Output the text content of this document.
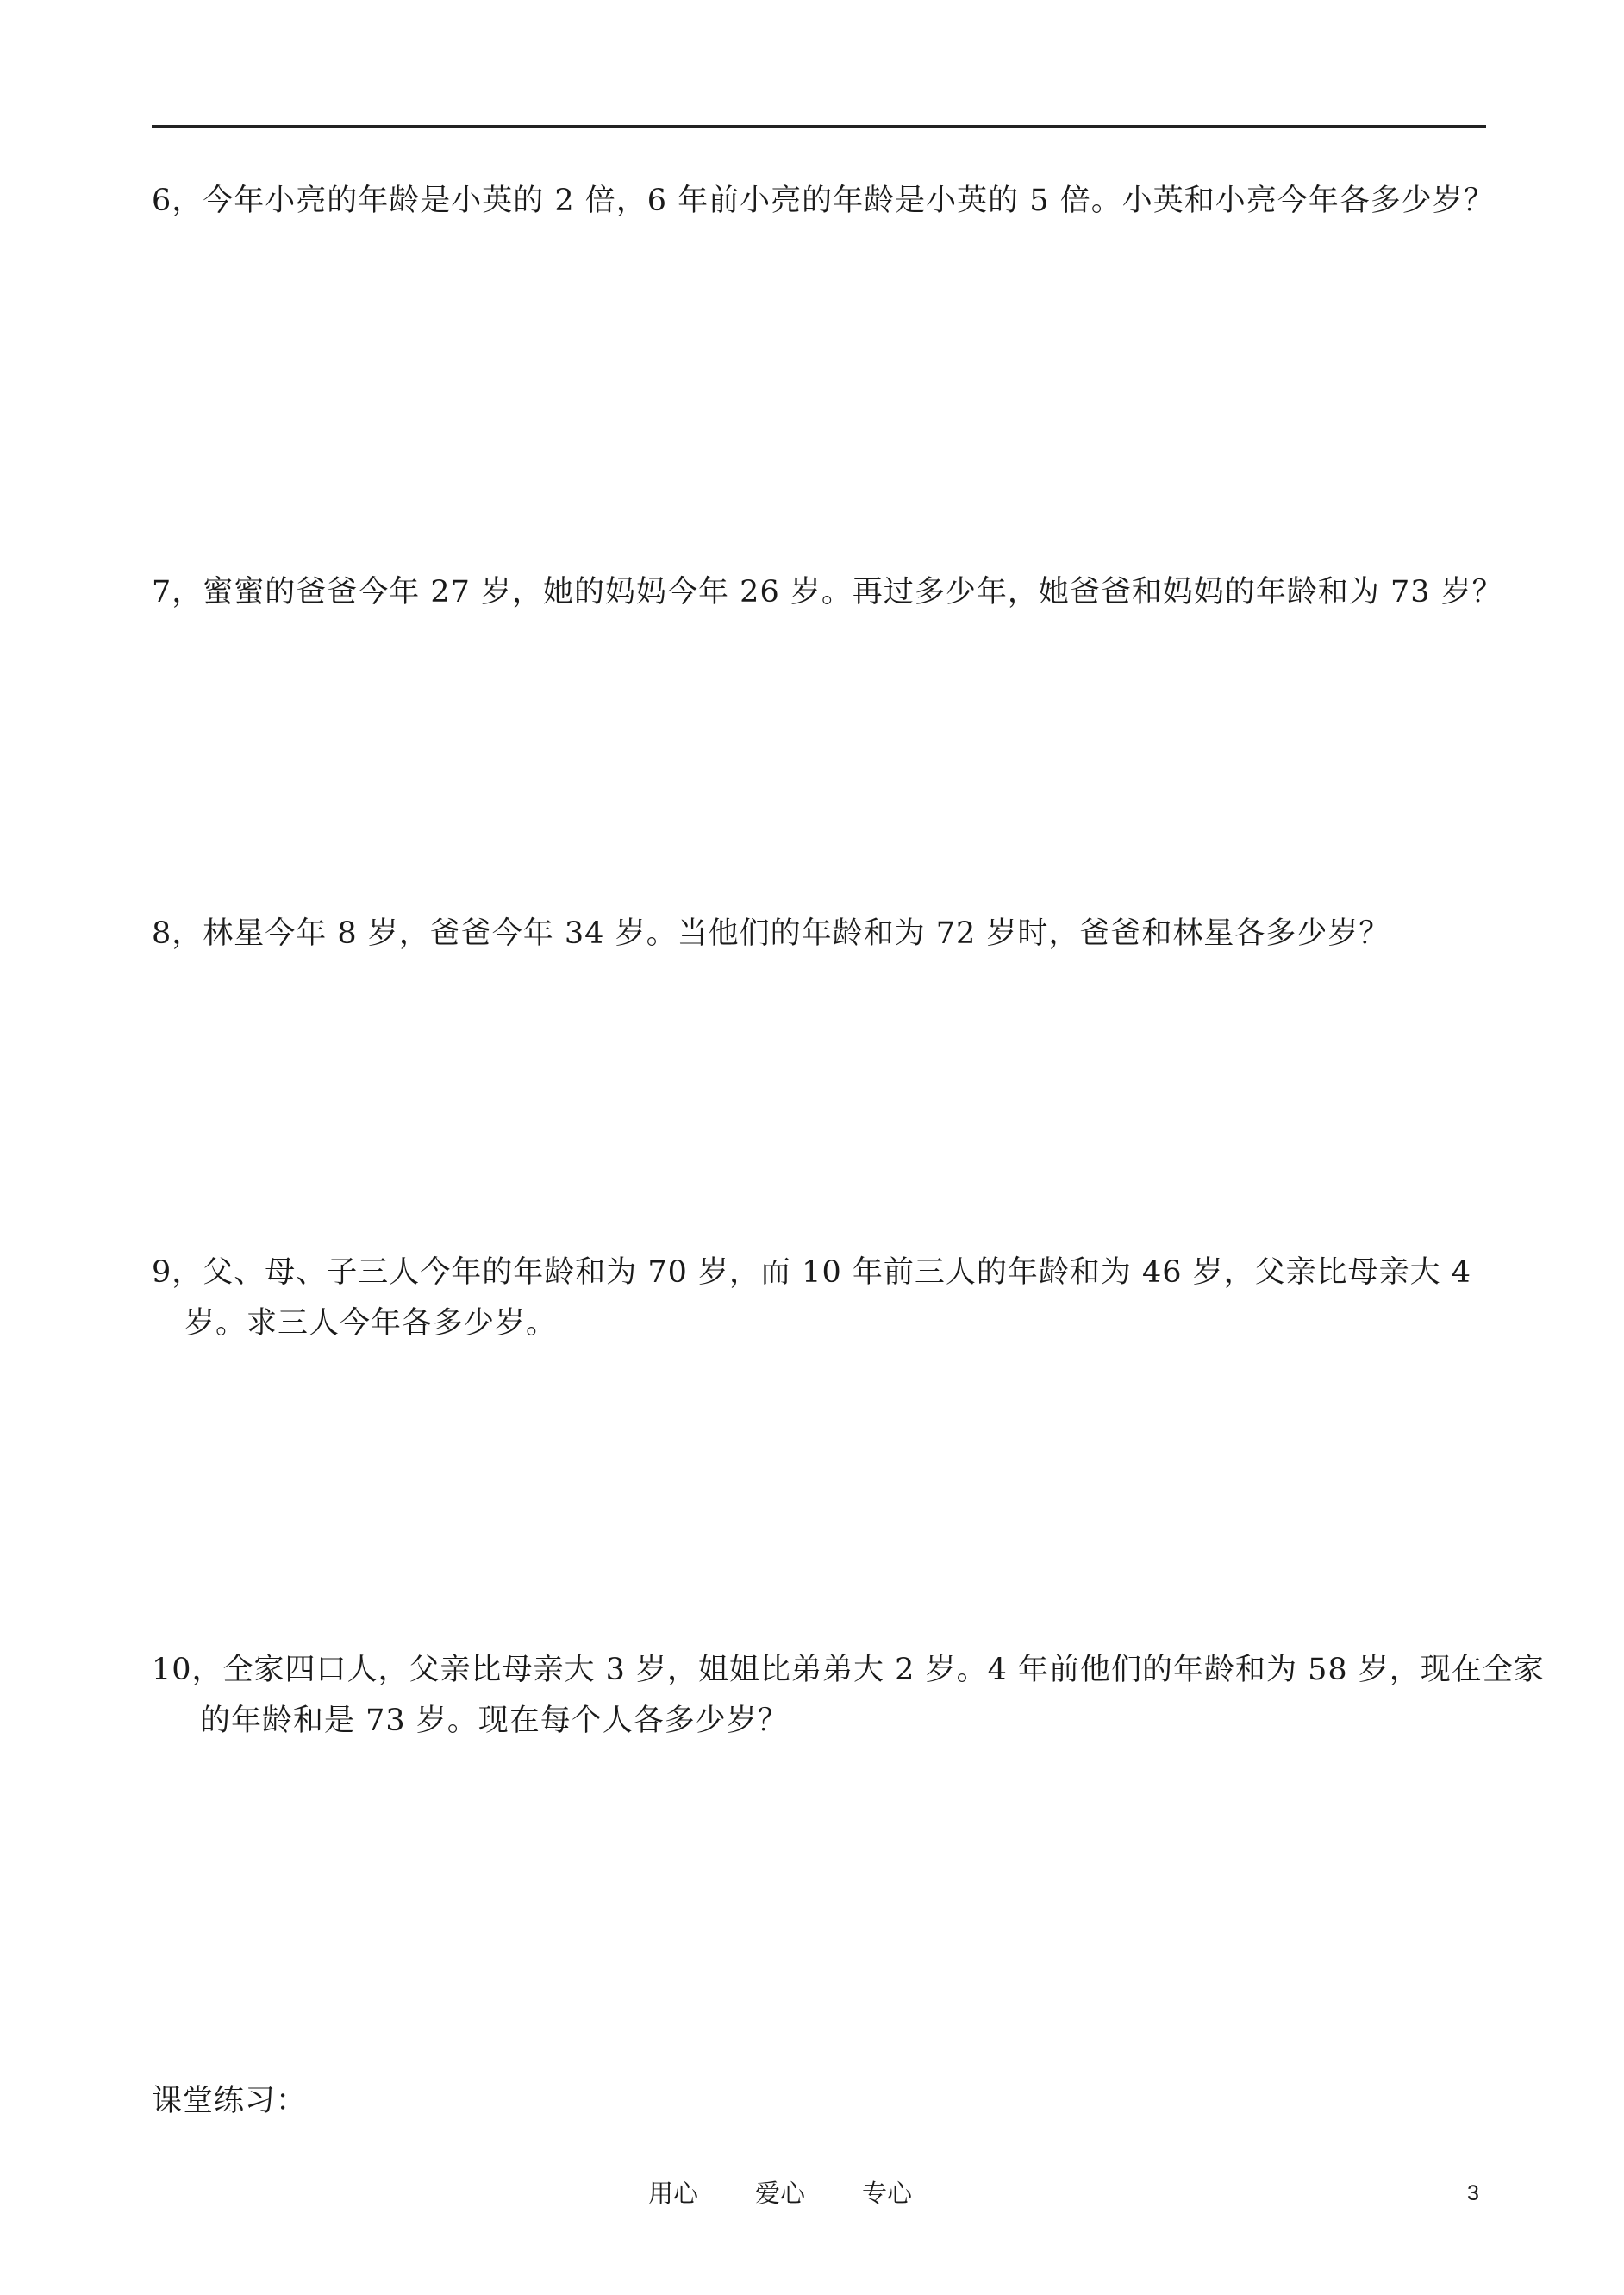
6，今年小亮的年龄是小英的 2 倍，6 年前小亮的年龄是小英的 5 倍。小英和小亮今年各多少岁？
7，蜜蜜的爸爸今年 27 岁，她的妈妈今年 26 岁。再过多少年，她爸爸和妈妈的年龄和为 73 岁？
8，林星今年 8 岁，爸爸今年 34 岁。当他们的年龄和为 72 岁时，爸爸和林星各多少岁？
9，父、母、子三人今年的年龄和为 70 岁，而 10 年前三人的年龄和为 46 岁，父亲比母亲大 4 岁。求三人今年各多少岁。
10，全家四口人，父亲比母亲大 3 岁，姐姐比弟弟大 2 岁。4 年前他们的年龄和为 58 岁，现在全家的年龄和是 73 岁。现在每个人各多少岁？
课堂练习：
用心 爱心 专心	3
